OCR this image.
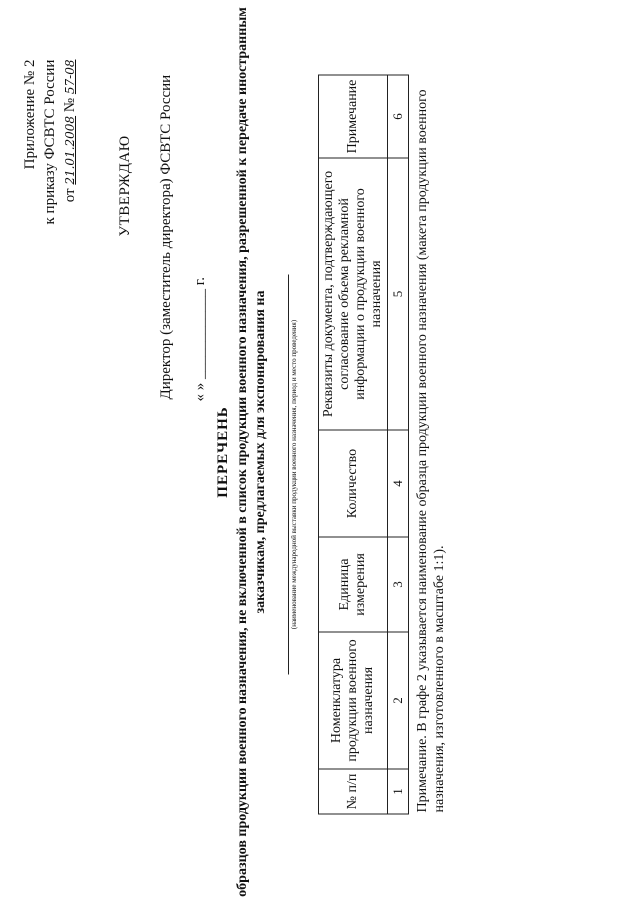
Приложение № 2 к приказу ФСВТС России от 21.01.2008 № 57-08
УТВЕРЖДАЮ Директор (заместитель директора) ФСВТС России « » ____________ г.
ПЕРЕЧЕНЬ образцов продукции военного назначения, не включенной в список продукции военного назначения, разрешенной к передаче иностранным заказчикам, предлагаемых для экспонирования на	(наименование международной выставки продукции военного назначения, период и место проведения)
№ п/п	Номенклатура продукции военного назначения	Единица измерения	Количество	Реквизиты документа, подтверждающего согласование объема рекламной информации о продукции военного назначения	Примечание
1	2	3	4	5	6 Примечание. В графе 2 указывается наименование образца продукции военного назначения (макета продукции военного назначения, изготовленного в масштабе 1:1).
